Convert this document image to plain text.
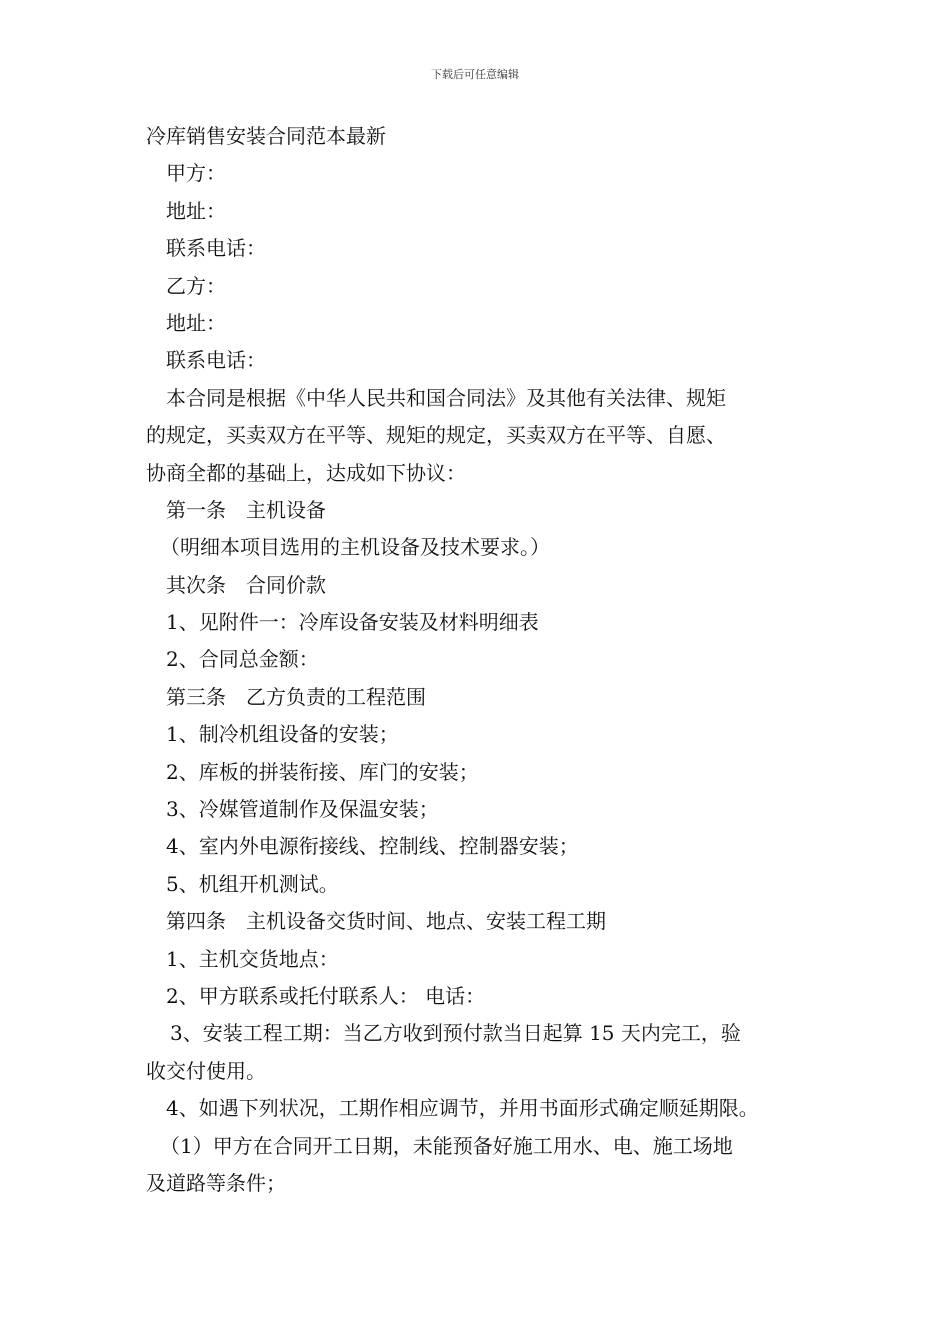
下载后可任意编辑
冷库销售安装合同范本最新
甲方：
地址：
联系电话：
乙方：
地址：
联系电话：
本合同是根据《中华人民共和国合同法》及其他有关法律、规矩
的规定，买卖双方在平等、规矩的规定，买卖双方在平等、自愿、
协商全都的基础上，达成如下协议：
第一条　主机设备
（明细本项目选用的主机设备及技术要求。）
其次条　合同价款
1、见附件一：冷库设备安装及材料明细表
2、合同总金额：
第三条　乙方负责的工程范围
1、制冷机组设备的安装；
2、库板的拼装衔接、库门的安装；
3、冷媒管道制作及保温安装；
4、室内外电源衔接线、控制线、控制器安装；
5、机组开机测试。
第四条　主机设备交货时间、地点、安装工程工期
1、主机交货地点：
2、甲方联系或托付联系人： 电话：
3、安装工程工期：当乙方收到预付款当日起算 15 天内完工，验
收交付使用。
4、如遇下列状况，工期作相应调节，并用书面形式确定顺延期限。
（1）甲方在合同开工日期，未能预备好施工用水、电、施工场地
及道路等条件；
